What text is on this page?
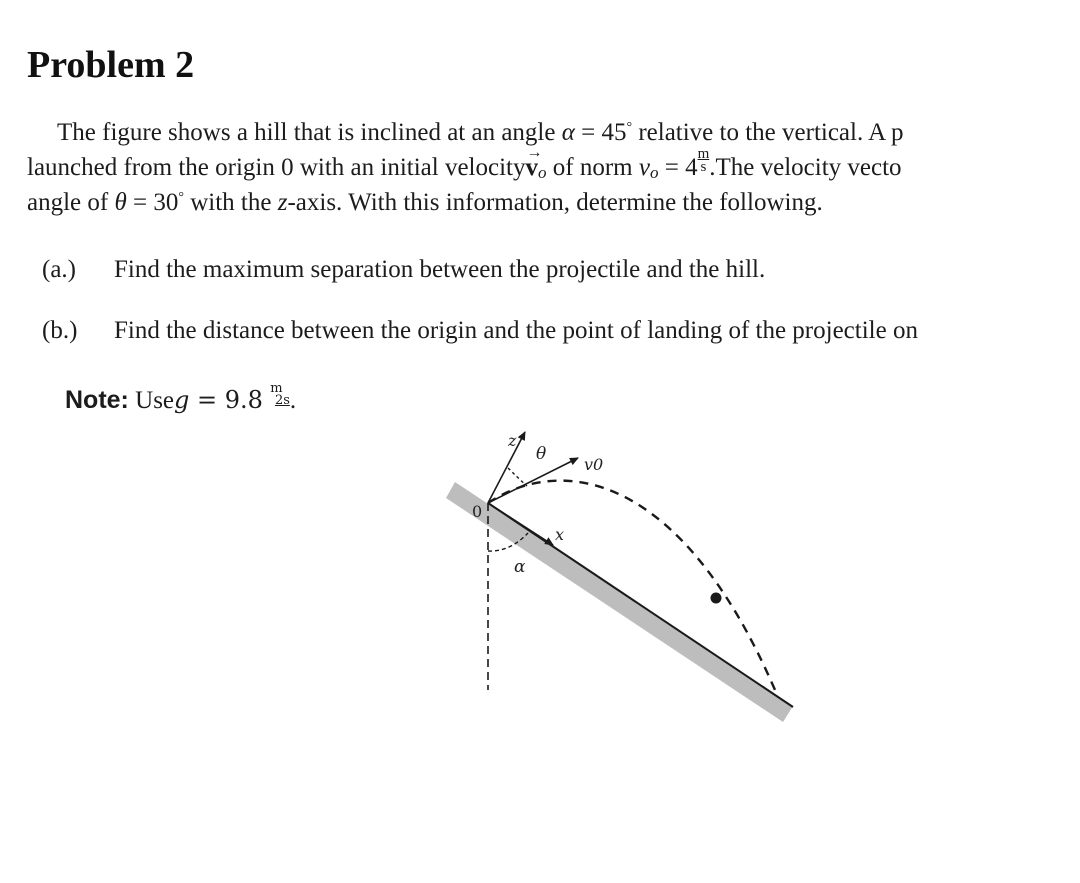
Problem 2
The figure shows a hill that is inclined at an angle α = 45° relative to the vertical. A p
launched from the origin 0 with an initial velocity→ vo of norm vo = $4 \frac{m}{s} .The$ velocity vecto
angle of θ = 30° with the z-axis. With this information, determine the following.
(a.) Find the maximum separation between the projectile and the hill.
(b.) Find the distance between the origin and the point of landing of the projectile on
Note: Useg = 9.8 m
2s .
0
z
θ
v0
x
α
